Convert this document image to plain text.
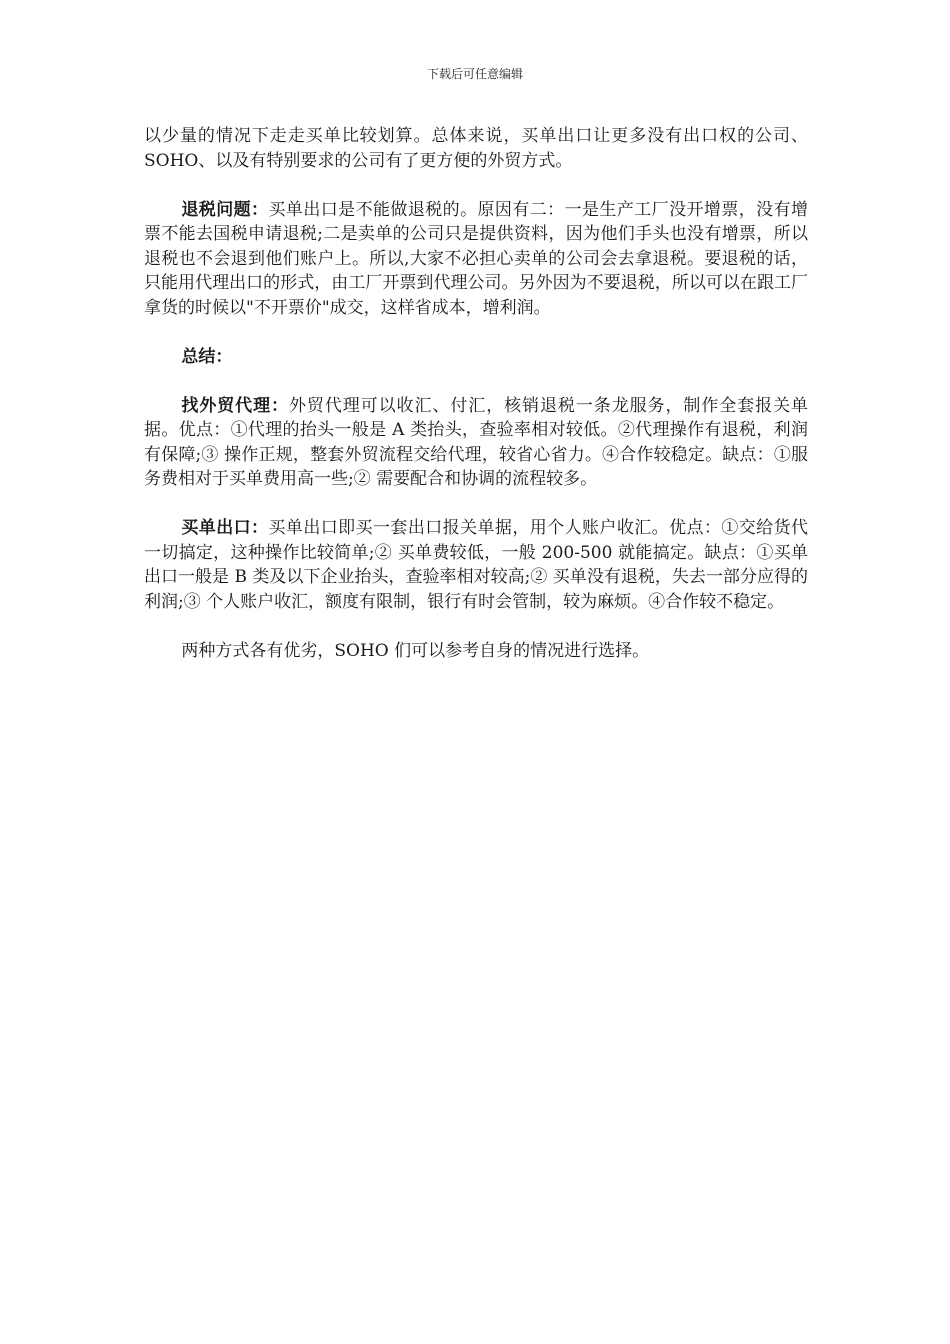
下载后可任意编辑

以少量的情况下走走买单比较划算。总体来说，买单出口让更多没有出口权的公司、SOHO、以及有特别要求的公司有了更方便的外贸方式。

退税问题：买单出口是不能做退税的。原因有二：一是生产工厂没开增票，没有增票不能去国税申请退税;二是卖单的公司只是提供资料，因为他们手头也没有增票，所以退税也不会退到他们账户上。所以,大家不必担心卖单的公司会去拿退税。要退税的话，只能用代理出口的形式，由工厂开票到代理公司。另外因为不要退税，所以可以在跟工厂拿货的时候以"不开票价"成交，这样省成本，增利润。

总结：

找外贸代理：外贸代理可以收汇、付汇，核销退税一条龙服务，制作全套报关单据。优点：①代理的抬头一般是 A 类抬头，查验率相对较低。②代理操作有退税，利润有保障;③ 操作正规，整套外贸流程交给代理，较省心省力。④合作较稳定。缺点：①服务费相对于买单费用高一些;② 需要配合和协调的流程较多。

买单出口：买单出口即买一套出口报关单据，用个人账户收汇。优点：①交给货代一切搞定，这种操作比较简单;② 买单费较低，一般 200-500 就能搞定。缺点：①买单出口一般是 B 类及以下企业抬头，查验率相对较高;② 买单没有退税，失去一部分应得的利润;③ 个人账户收汇，额度有限制，银行有时会管制，较为麻烦。④合作较不稳定。

两种方式各有优劣，SOHO 们可以参考自身的情况进行选择。
